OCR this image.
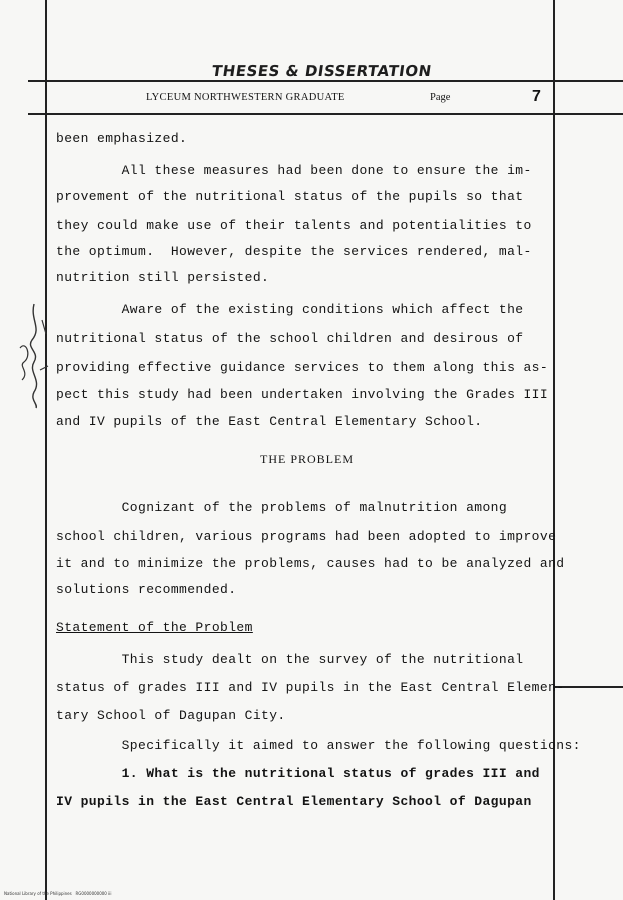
THESES & DISSERTATION
LYCEUM NORTHWESTERN GRADUATE	Page	7
been emphasized.
All these measures had been done to ensure the im-
provement of the nutritional status of the pupils so that
they could make use of their talents and potentialities to
the optimum.  However, despite the services rendered, mal-
nutrition still persisted.
Aware of the existing conditions which affect the
nutritional status of the school children and desirous of
providing effective guidance services to them along this as-
pect this study had been undertaken involving the Grades III
and IV pupils of the East Central Elementary School.
THE PROBLEM
Cognizant of the problems of malnutrition among
school children, various programs had been adopted to improve
it and to minimize the problems, causes had to be analyzed and
solutions recommended.
Statement of the Problem
This study dealt on the survey of the nutritional
status of grades III and IV pupils in the East Central Elemen-
tary School of Dagupan City.
Specifically it aimed to answer the following questions:
1. What is the nutritional status of grades III and
IV pupils in the East Central Elementary School of Dagupan
National Library of the Philippines   RG0000000000 iii
